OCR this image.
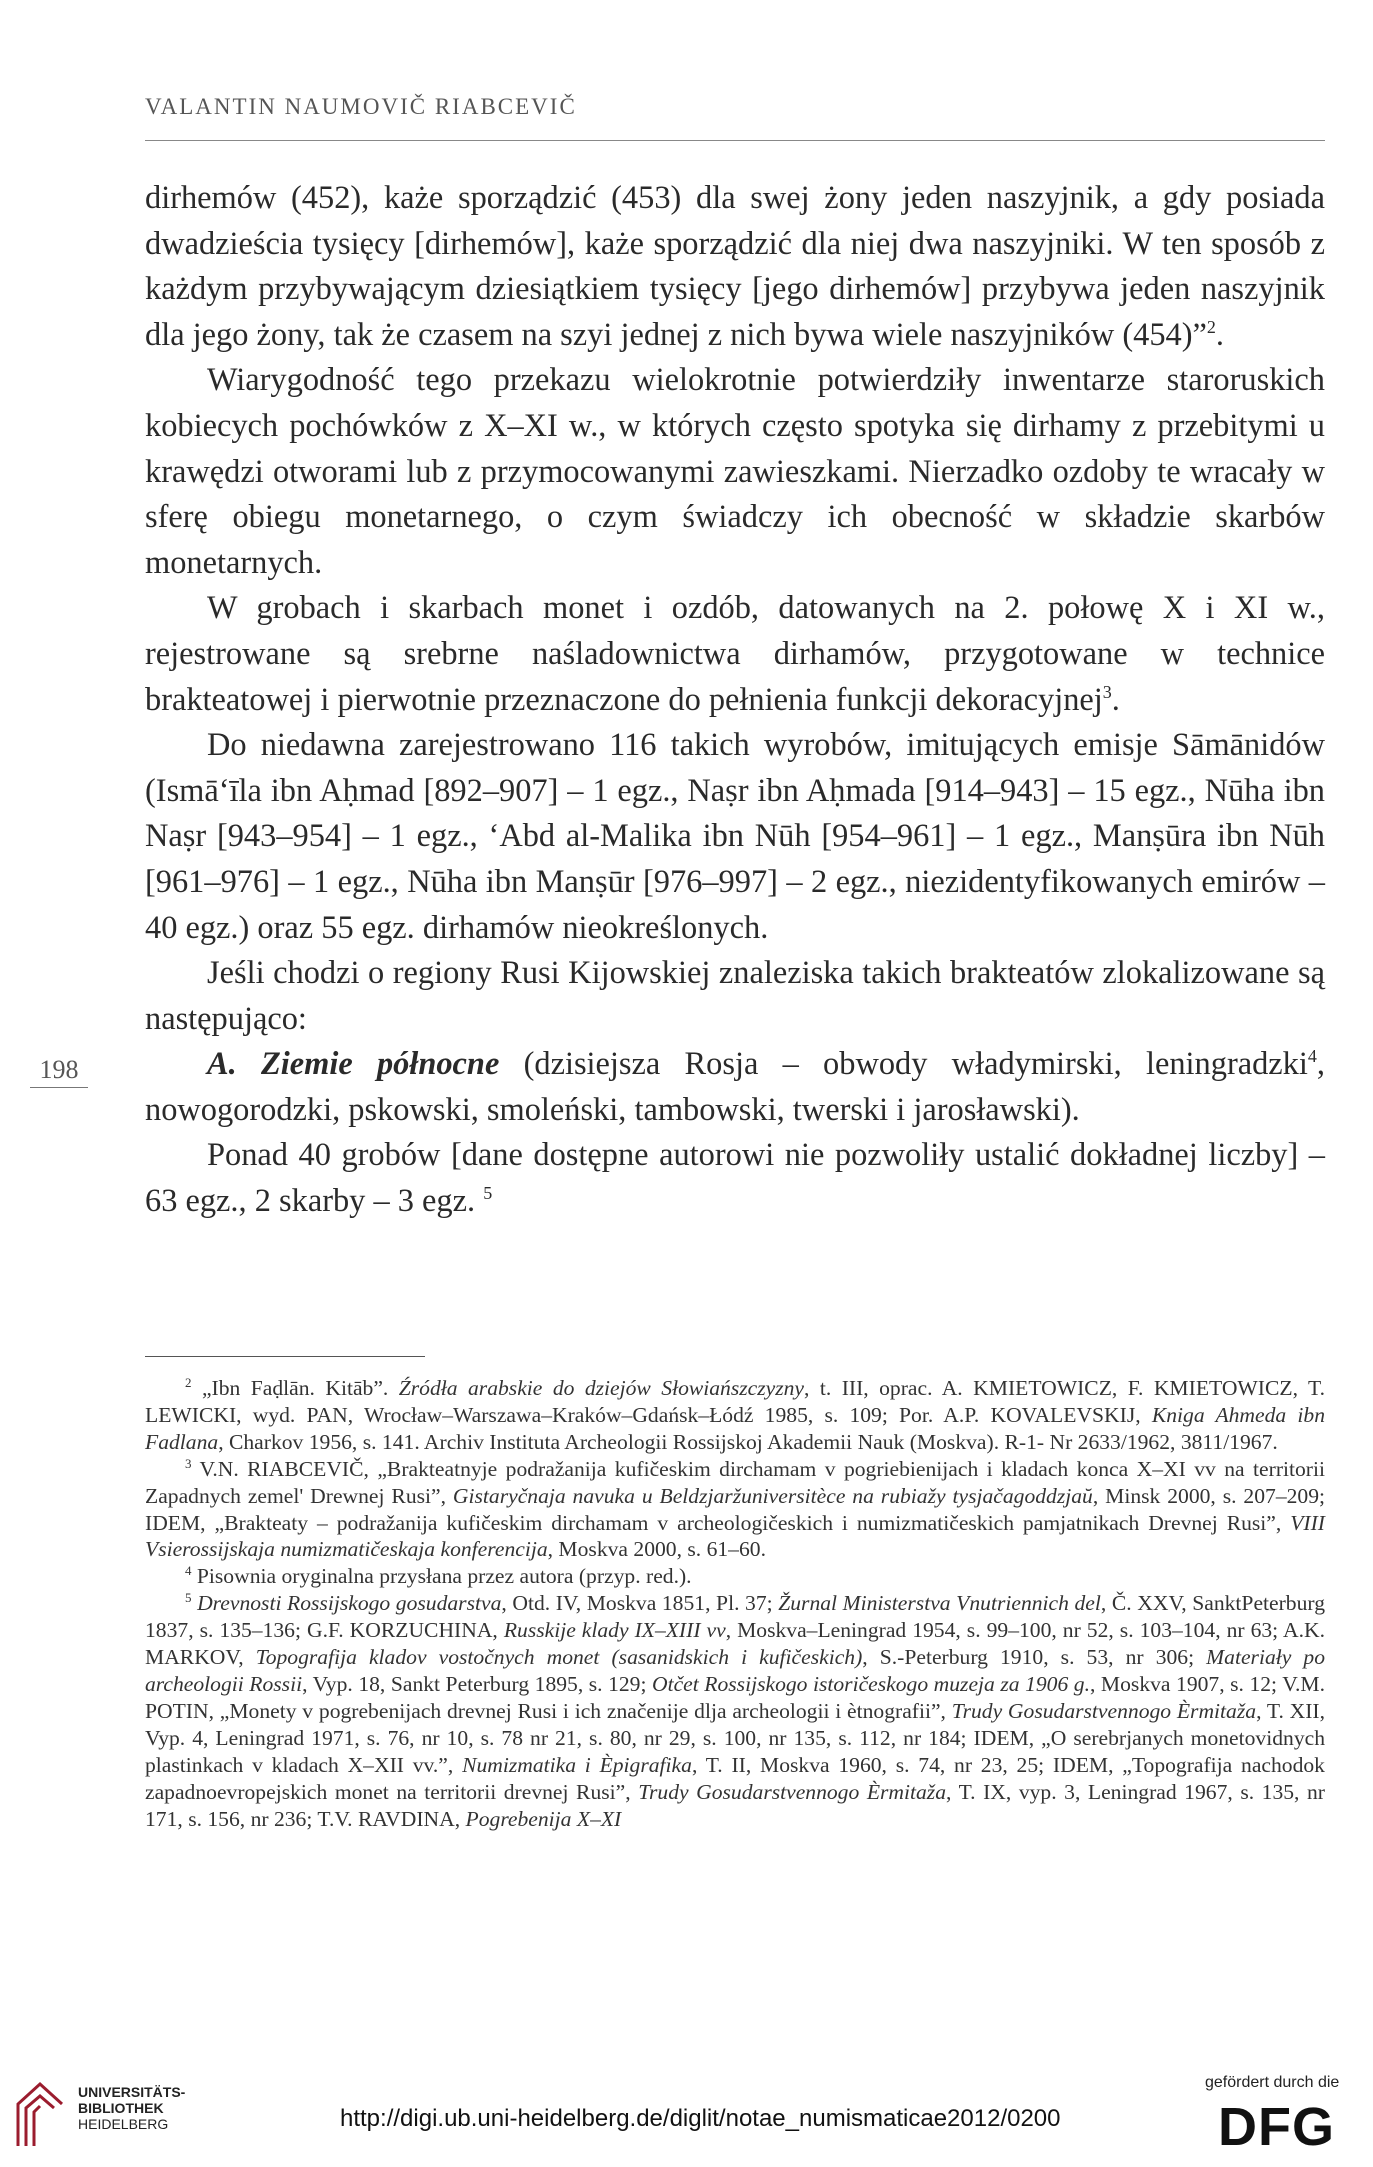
VALANTIN NAUMOVIČ RIABCEVIČ
198

dirhemów (452), każe sporządzić (453) dla swej żony jeden naszyjnik, a gdy posiada dwadzieścia tysięcy [dirhemów], każe sporządzić dla niej dwa naszyjniki. W ten sposób z każdym przybywającym dziesiątkiem tysięcy [jego dirhemów] przybywa jeden naszyjnik dla jego żony, tak że czasem na szyi jednej z nich bywa wiele naszyjników (454)”$^2$.

Wiarygodność tego przekazu wielokrotnie potwierdziły inwentarze staroruskich kobiecych pochówków z X–XI w., w których często spotyka się dirhamy z przebitymi u krawędzi otworami lub z przymocowanymi zawieszkami. Nierzadko ozdoby te wracały w sferę obiegu monetarnego, o czym świadczy ich obecność w składzie skarbów monetarnych.

W grobach i skarbach monet i ozdób, datowanych na 2. połowę X i XI w., rejestrowane są srebrne naśladownictwa dirhamów, przygotowane w technice brakteatowej i pierwotnie przeznaczone do pełnienia funkcji dekoracyjnej$^3$.

Do niedawna zarejestrowano 116 takich wyrobów, imitujących emisje Sāmānidów (Ismā‘īla ibn Aḥmad [892–907] – 1 egz., Naṣr ibn Aḥmada [914–943] – 15 egz., Nūha ibn Naṣr [943–954] – 1 egz., ‘Abd al-Malika ibn Nūh [954–961] – 1 egz., Manṣūra ibn Nūh [961–976] – 1 egz., Nūha ibn Manṣūr [976–997] – 2 egz., niezidentyfikowanych emirów – 40 egz.) oraz 55 egz. dirhamów nieokreślonych.

Jeśli chodzi o regiony Rusi Kijowskiej znaleziska takich brakteatów zlokalizowane są następująco:

A. Ziemie północne (dzisiejsza Rosja – obwody władymirski, leningradzki$^4$, nowogorodzki, pskowski, smoleński, tambowski, twerski i jarosławski).

Ponad 40 grobów [dane dostępne autorowi nie pozwoliły ustalić dokładnej liczby] – 63 egz., 2 skarby – 3 egz. $^5$

$^2$ „Ibn Faḍlān. Kitāb”. Źródła arabskie do dziejów Słowiańszczyzny, t. III, oprac. A. KMIETOWICZ, F. KMIETOWICZ, T. LEWICKI, wyd. PAN, Wrocław–Warszawa–Kraków–Gdańsk–Łódź 1985, s. 109; Por. A.P. KOVALEVSKIJ, Kniga Ahmeda ibn Fadlana, Charkov 1956, s. 141. Archiv Instituta Archeologii Rossijskoj Akademii Nauk (Moskva). R-1- Nr 2633/1962, 3811/1967.

$^3$ V.N. RIABCEVIČ, „Brakteatnyje podražanija kufičeskim dirchamam v pogriebienijach i kladach konca X–XI vv na territorii Zapadnych zemel' Drewnej Rusi”, Gistaryčnaja navuka u Beldzjaržuniversitèce na rubiažy tysjačagoddzjaŭ, Minsk 2000, s. 207–209; IDEM, „Brakteaty – podražanija kufičeskim dirchamam v archeologičeskich i numizmatičeskich pamjatnikach Drevnej Rusi”, VIII Vsierossijskaja numizmatičeskaja konferencija, Moskva 2000, s. 61–60.

$^4$ Pisownia oryginalna przysłana przez autora (przyp. red.).

$^5$ Drevnosti Rossijskogo gosudarstva, Otd. IV, Moskva 1851, Pl. 37; Žurnal Ministerstva Vnutriennich del, Č. XXV, SanktPeterburg 1837, s. 135–136; G.F. KORZUCHINA, Russkije klady IX–XIII vv, Moskva–Leningrad 1954, s. 99–100, nr 52, s. 103–104, nr 63; A.K. MARKOV, Topografija kladov vostočnych monet (sasanidskich i kufičeskich), S.-Peterburg 1910, s. 53, nr 306; Materiały po archeologii Rossii, Vyp. 18, Sankt Peterburg 1895, s. 129; Otčet Rossijskogo istoričeskogo muzeja za 1906 g., Moskva 1907, s. 12; V.M. POTIN, „Monety v pogrebenijach drevnej Rusi i ich značenije dlja archeologii i ètnografii”, Trudy Gosudarstvennogo Èrmitaža, T. XII, Vyp. 4, Leningrad 1971, s. 76, nr 10, s. 78 nr 21, s. 80, nr 29, s. 100, nr 135, s. 112, nr 184; IDEM, „O serebrjanych monetovidnych plastinkach v kladach X–XII vv.”, Numizmatika i Èpigrafika, T. II, Moskva 1960, s. 74, nr 23, 25; IDEM, „Topografija nachodok zapadnoevropejskich monet na territorii drevnej Rusi”, Trudy Gosudarstvennogo Èrmitaža, T. IX, vyp. 3, Leningrad 1967, s. 135, nr 171, s. 156, nr 236; T.V. RAVDINA, Pogrebenija X–XI

UNIVERSITÄTS-
BIBLIOTHEK
HEIDELBERG	http://digi.ub.uni-heidelberg.de/diglit/notae_numismaticae2012/0200
gefördert durch die
DFG
